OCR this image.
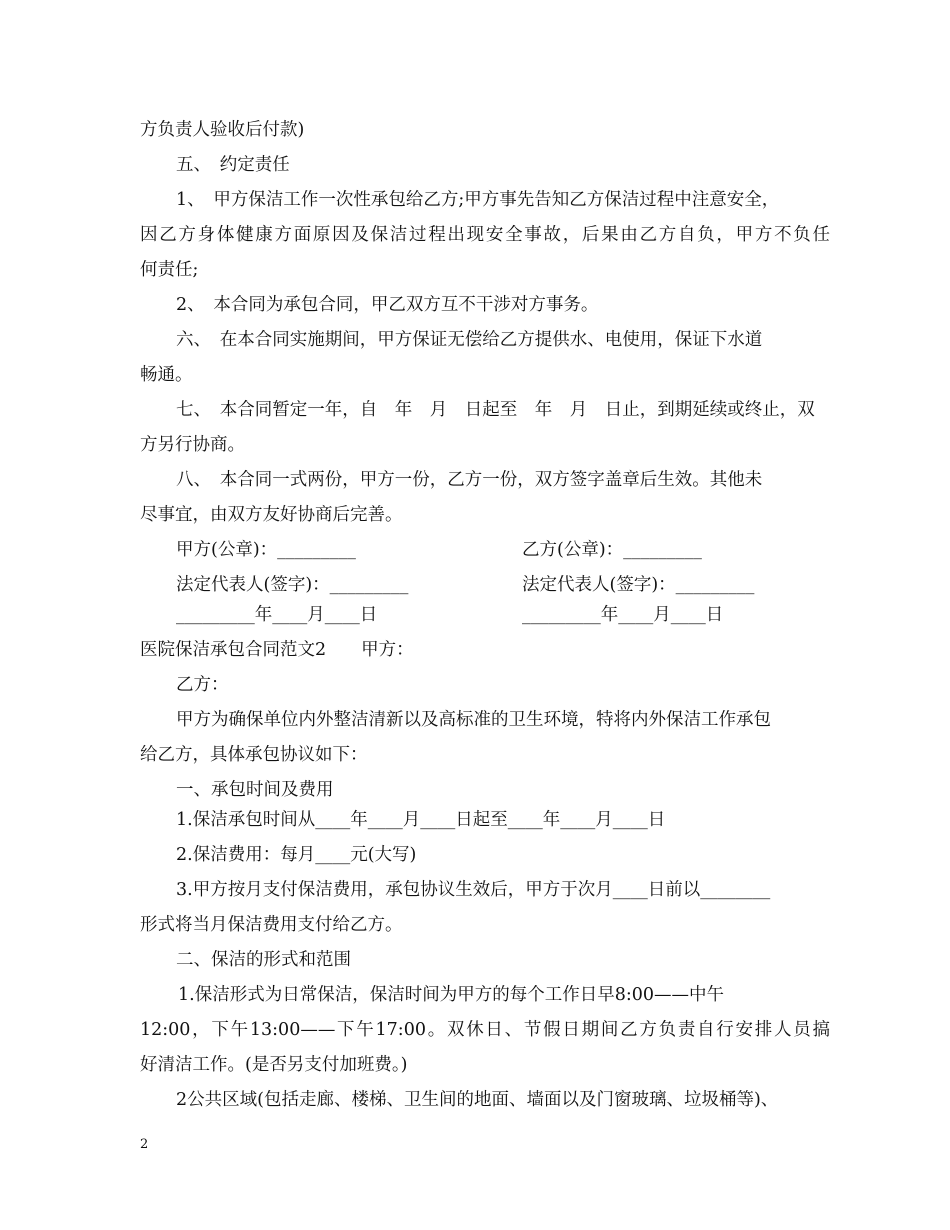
方负责人验收后付款)
五、　约定责任
1、　甲方保洁工作一次性承包给乙方;甲方事先告知乙方保洁过程中注意安全，
因乙方身体健康方面原因及保洁过程出现安全事故，后果由乙方自负，甲方不负任
何责任;
2、　本合同为承包合同，甲乙双方互不干涉对方事务。
六、　在本合同实施期间，甲方保证无偿给乙方提供水、电使用，保证下水道
畅通。
七、　本合同暂定一年，自　年　月　日起至　年　月　日止，到期延续或终止，双
方另行协商。
八、　本合同一式两份，甲方一份，乙方一份，双方签字盖章后生效。其他未
尽事宜，由双方友好协商后完善。
甲方(公章)：_________	乙方(公章)：_________
法定代表人(签字)：_________	法定代表人(签字)：_________
_________年____月____日	_________年____月____日
医院保洁承包合同范文2　　甲方：
乙方：
甲方为确保单位内外整洁清新以及高标准的卫生环境，特将内外保洁工作承包
给乙方，具体承包协议如下：
一、承包时间及费用
1.保洁承包时间从____年____月____日起至____年____月____日
2.保洁费用：每月____元(大写)
3.甲方按月支付保洁费用，承包协议生效后，甲方于次月____日前以________
形式将当月保洁费用支付给乙方。
二、保洁的形式和范围
1.保洁形式为日常保洁，保洁时间为甲方的每个工作日早8:00——中午
12:00，下午13:00——下午17:00。双休日、节假日期间乙方负责自行安排人员搞
好清洁工作。(是否另支付加班费。)
2公共区域(包括走廊、楼梯、卫生间的地面、墙面以及门窗玻璃、垃圾桶等)、
2
